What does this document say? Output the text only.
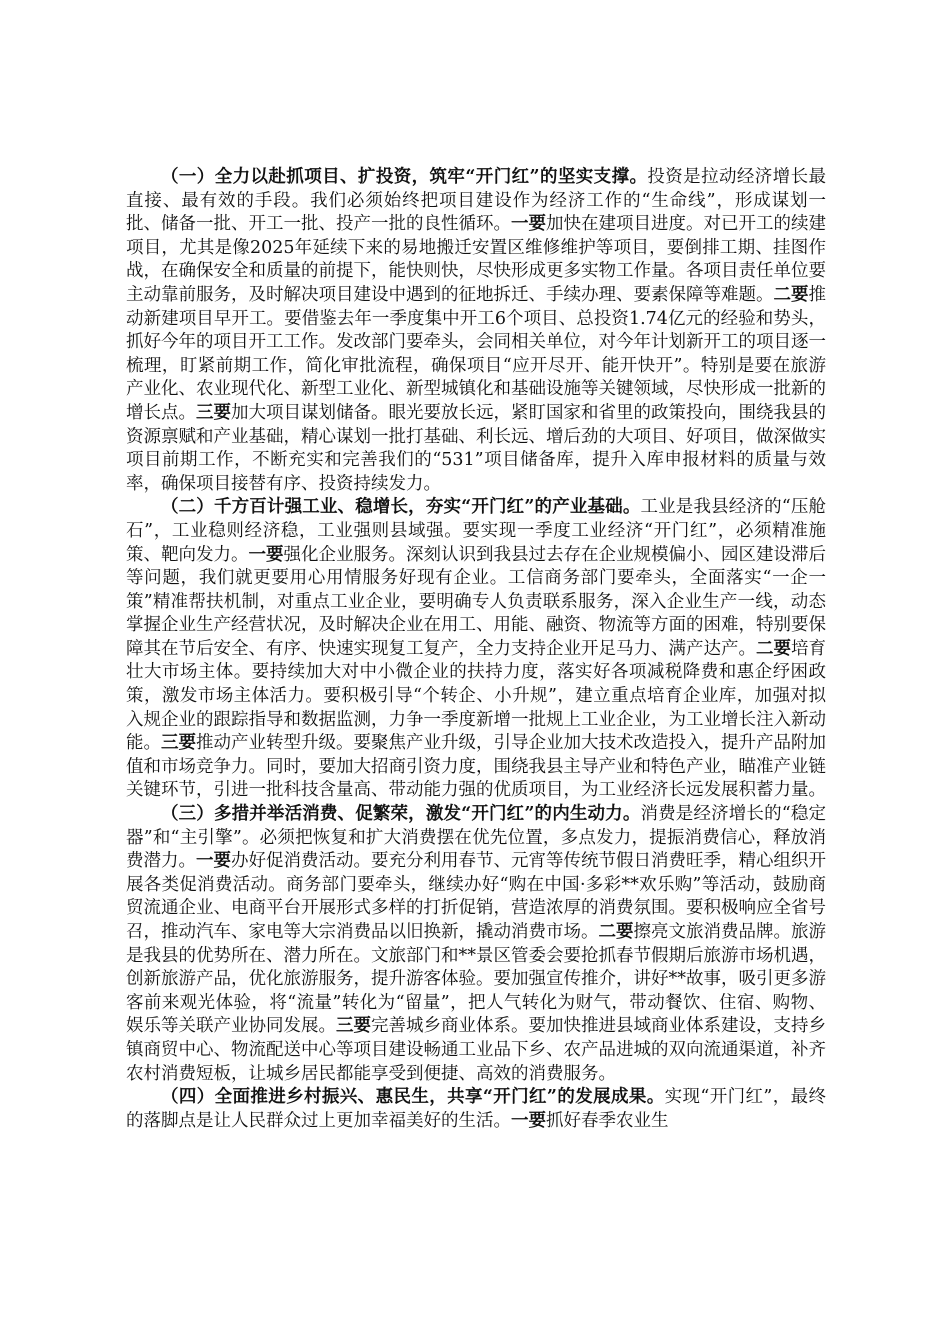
（一）全力以赴抓项目、扩投资，筑牢“开门红”的坚实支撑。投资是拉动经济增长最直接、最有效的手段。我们必须始终把项目建设作为经济工作的“生命线”，形成谋划一批、储备一批、开工一批、投产一批的良性循环。一要加快在建项目进度。对已开工的续建项目，尤其是像2025年延续下来的易地搬迁安置区维修维护等项目，要倒排工期、挂图作战，在确保安全和质量的前提下，能快则快，尽快形成更多实物工作量。各项目责任单位要主动靠前服务，及时解决项目建设中遇到的征地拆迁、手续办理、要素保障等难题。二要推动新建项目早开工。要借鉴去年一季度集中开工6个项目、总投资1.74亿元的经验和势头，抓好今年的项目开工工作。发改部门要牵头，会同相关单位，对今年计划新开工的项目逐一梳理，盯紧前期工作，简化审批流程，确保项目“应开尽开、能开快开”。特别是要在旅游产业化、农业现代化、新型工业化、新型城镇化和基础设施等关键领域，尽快形成一批新的增长点。三要加大项目谋划储备。眼光要放长远，紧盯国家和省里的政策投向，围绕我县的资源禀赋和产业基础，精心谋划一批打基础、利长远、增后劲的大项目、好项目，做深做实项目前期工作，不断充实和完善我们的“531”项目储备库，提升入库申报材料的质量与效率，确保项目接替有序、投资持续发力。

（二）千方百计强工业、稳增长，夯实“开门红”的产业基础。工业是我县经济的“压舱石”，工业稳则经济稳，工业强则县域强。要实现一季度工业经济“开门红”，必须精准施策、靶向发力。一要强化企业服务。深刻认识到我县过去存在企业规模偏小、园区建设滞后等问题，我们就更要用心用情服务好现有企业。工信商务部门要牵头，全面落实“一企一策”精准帮扶机制，对重点工业企业，要明确专人负责联系服务，深入企业生产一线，动态掌握企业生产经营状况，及时解决企业在用工、用能、融资、物流等方面的困难，特别要保障其在节后安全、有序、快速实现复工复产，全力支持企业开足马力、满产达产。二要培育壮大市场主体。要持续加大对中小微企业的扶持力度，落实好各项减税降费和惠企纾困政策，激发市场主体活力。要积极引导“个转企、小升规”，建立重点培育企业库，加强对拟入规企业的跟踪指导和数据监测，力争一季度新增一批规上工业企业，为工业增长注入新动能。三要推动产业转型升级。要聚焦产业升级，引导企业加大技术改造投入，提升产品附加值和市场竞争力。同时，要加大招商引资力度，围绕我县主导产业和特色产业，瞄准产业链关键环节，引进一批科技含量高、带动能力强的优质项目，为工业经济长远发展积蓄力量。

（三）多措并举活消费、促繁荣，激发“开门红”的内生动力。消费是经济增长的“稳定器”和“主引擎”。必须把恢复和扩大消费摆在优先位置，多点发力，提振消费信心，释放消费潜力。一要办好促消费活动。要充分利用春节、元宵等传统节假日消费旺季，精心组织开展各类促消费活动。商务部门要牵头，继续办好“购在中国·多彩**欢乐购”等活动，鼓励商贸流通企业、电商平台开展形式多样的打折促销，营造浓厚的消费氛围。要积极响应全省号召，推动汽车、家电等大宗消费品以旧换新，撬动消费市场。二要擦亮文旅消费品牌。旅游是我县的优势所在、潜力所在。文旅部门和**景区管委会要抢抓春节假期后旅游市场机遇，创新旅游产品，优化旅游服务，提升游客体验。要加强宣传推介，讲好**故事，吸引更多游客前来观光体验，将“流量”转化为“留量”，把人气转化为财气，带动餐饮、住宿、购物、娱乐等关联产业协同发展。三要完善城乡商业体系。要加快推进县域商业体系建设，支持乡镇商贸中心、物流配送中心等项目建设畅通工业品下乡、农产品进城的双向流通渠道，补齐农村消费短板，让城乡居民都能享受到便捷、高效的消费服务。

（四）全面推进乡村振兴、惠民生，共享“开门红”的发展成果。实现“开门红”，最终的落脚点是让人民群众过上更加幸福美好的生活。一要抓好春季农业生
